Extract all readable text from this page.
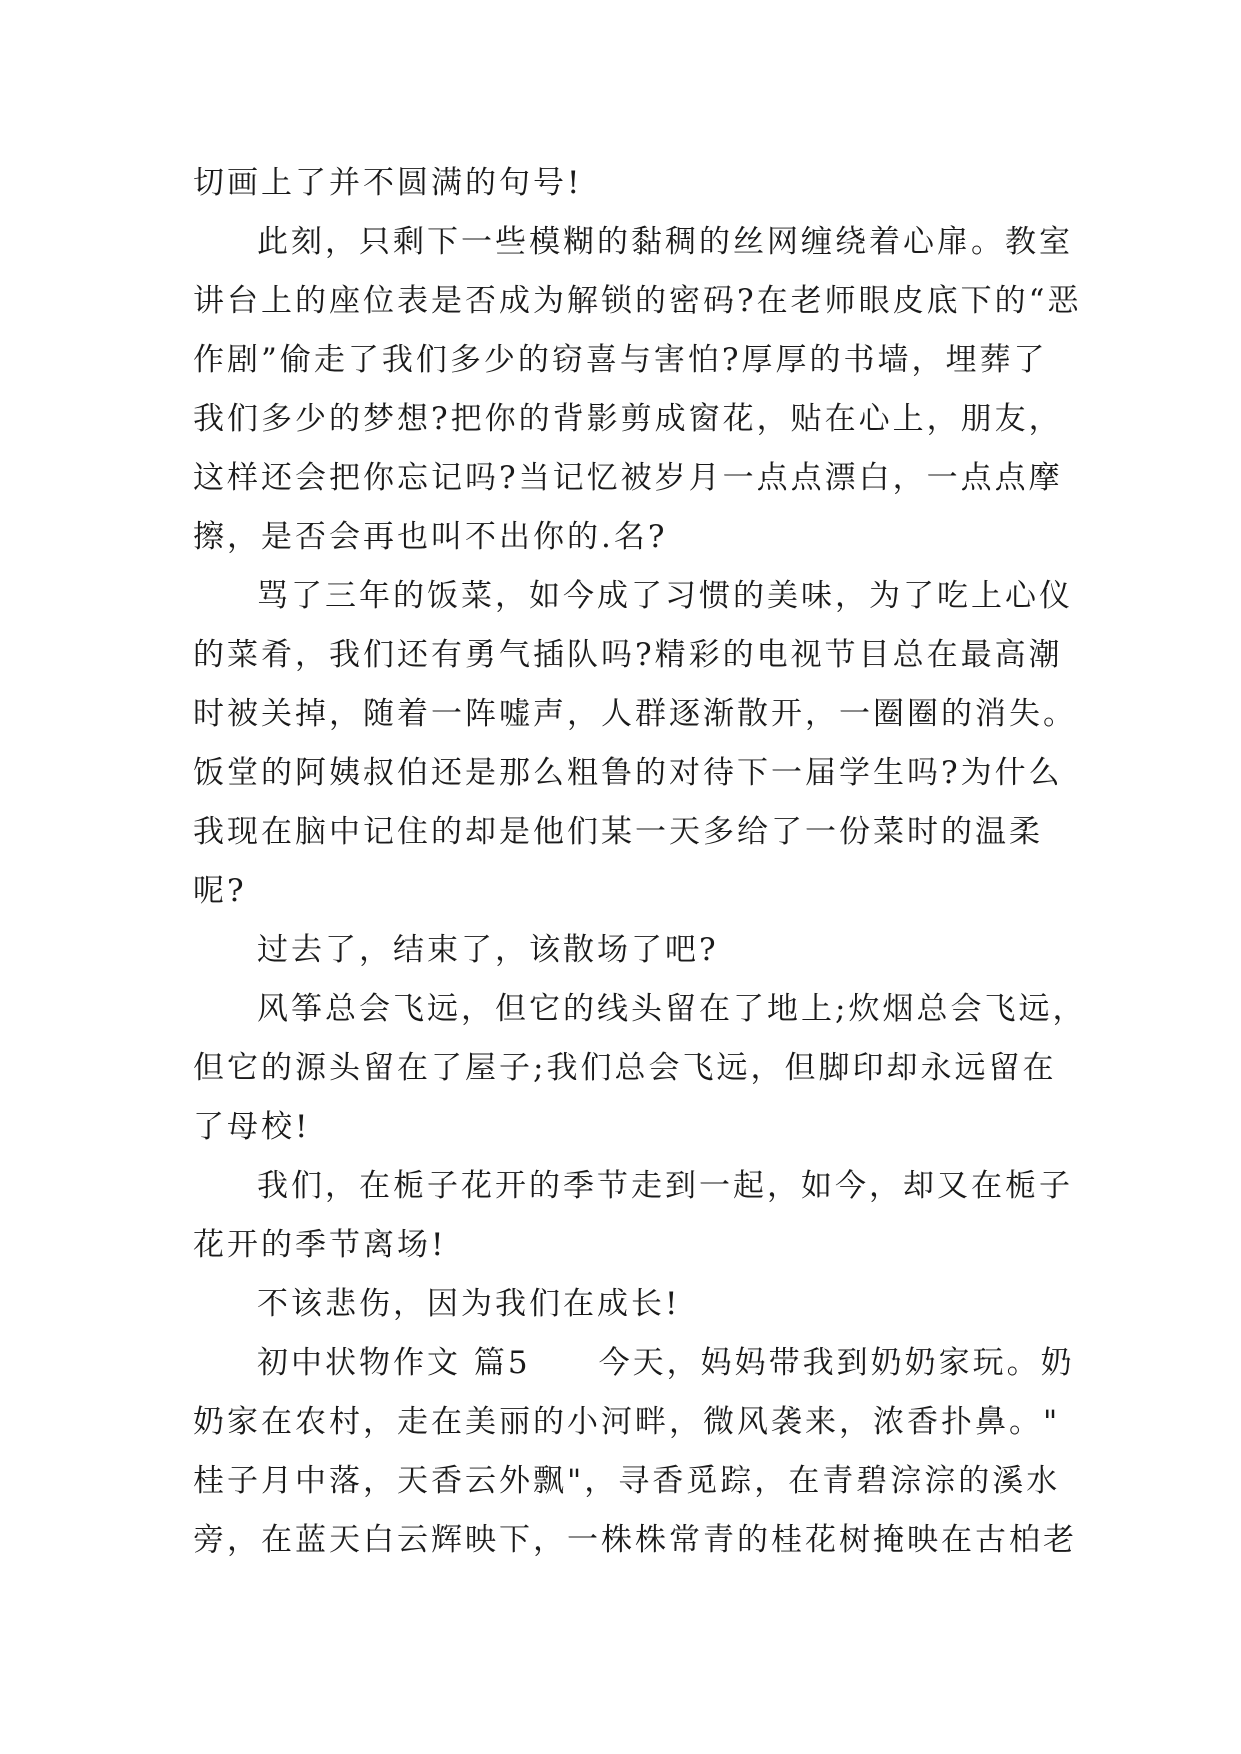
切画上了并不圆满的句号!
此刻，只剩下一些模糊的黏稠的丝网缠绕着心扉。教室
讲台上的座位表是否成为解锁的密码?在老师眼皮底下的“恶
作剧”偷走了我们多少的窃喜与害怕?厚厚的书墙，埋葬了
我们多少的梦想?把你的背影剪成窗花，贴在心上，朋友，
这样还会把你忘记吗?当记忆被岁月一点点漂白，一点点摩
擦，是否会再也叫不出你的.名?
骂了三年的饭菜，如今成了习惯的美味，为了吃上心仪
的菜肴，我们还有勇气插队吗?精彩的电视节目总在最高潮
时被关掉，随着一阵嘘声，人群逐渐散开，一圈圈的消失。
饭堂的阿姨叔伯还是那么粗鲁的对待下一届学生吗?为什么
我现在脑中记住的却是他们某一天多给了一份菜时的温柔
呢?
过去了，结束了，该散场了吧?
风筝总会飞远，但它的线头留在了地上;炊烟总会飞远，
但它的源头留在了屋子;我们总会飞远，但脚印却永远留在
了母校!
我们，在栀子花开的季节走到一起，如今，却又在栀子
花开的季节离场!
不该悲伤，因为我们在成长!
初中状物作文 篇5　　今天，妈妈带我到奶奶家玩。奶
奶家在农村，走在美丽的小河畔，微风袭来，浓香扑鼻。"
桂子月中落，天香云外飘"，寻香觅踪，在青碧淙淙的溪水
旁，在蓝天白云辉映下，一株株常青的桂花树掩映在古柏老
